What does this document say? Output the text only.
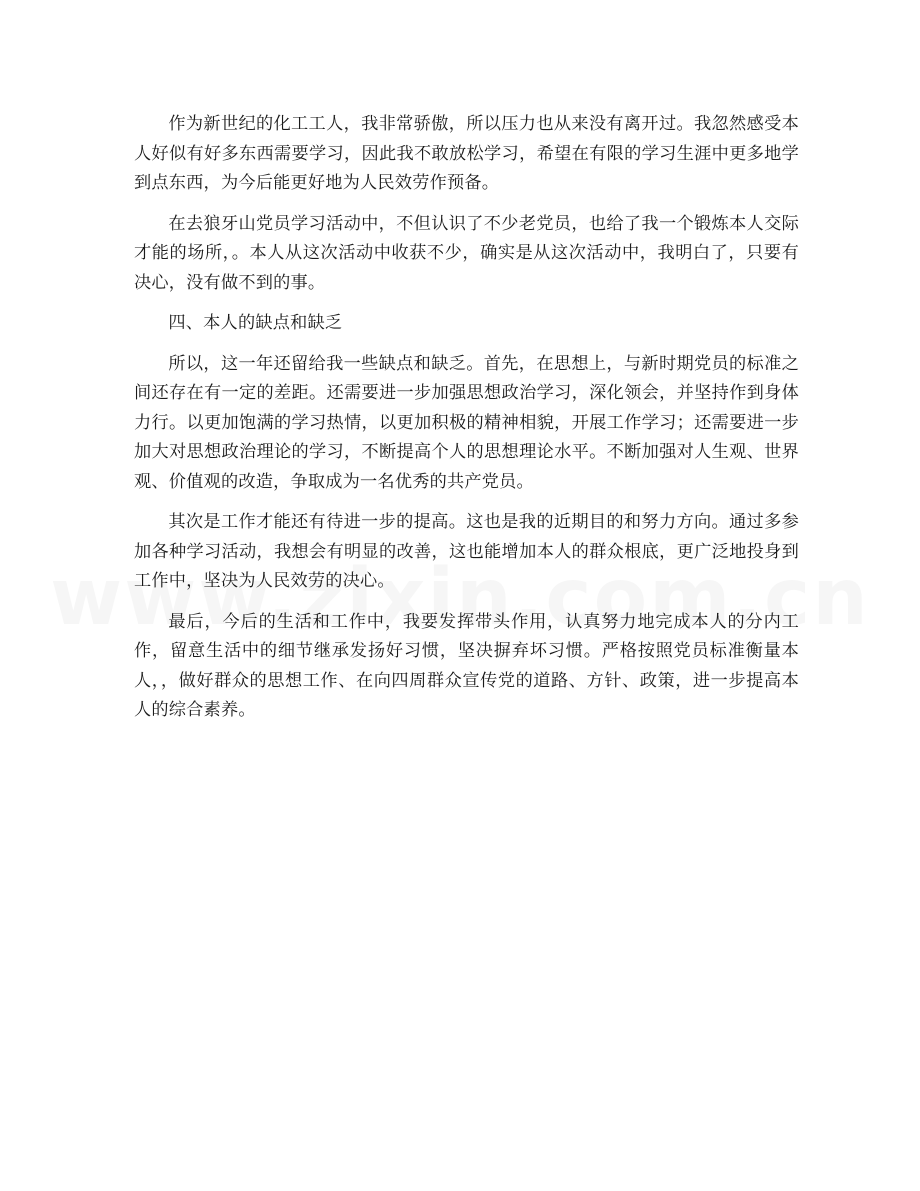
作为新世纪的化工工人，我非常骄傲，所以压力也从来没有离开过。我忽然感受本人好似有好多东西需要学习，因此我不敢放松学习，希望在有限的学习生涯中更多地学到点东西，为今后能更好地为人民效劳作预备。

在去狼牙山党员学习活动中，不但认识了不少老党员，也给了我一个锻炼本人交际才能的场所，。本人从这次活动中收获不少，确实是从这次活动中，我明白了，只要有决心，没有做不到的事。

四、本人的缺点和缺乏

所以，这一年还留给我一些缺点和缺乏。首先，在思想上，与新时期党员的标准之间还存在有一定的差距。还需要进一步加强思想政治学习，深化领会，并坚持作到身体力行。以更加饱满的学习热情，以更加积极的精神相貌，开展工作学习；还需要进一步加大对思想政治理论的学习，不断提高个人的思想理论水平。不断加强对人生观、世界观、价值观的改造，争取成为一名优秀的共产党员。

其次是工作才能还有待进一步的提高。这也是我的近期目的和努力方向。通过多参加各种学习活动，我想会有明显的改善，这也能增加本人的群众根底，更广泛地投身到工作中，坚决为人民效劳的决心。

最后，今后的生活和工作中，我要发挥带头作用，认真努力地完成本人的分内工作，留意生活中的细节继承发扬好习惯，坚决摒弃坏习惯。严格按照党员标准衡量本人，，做好群众的思想工作、在向四周群众宣传党的道路、方针、政策，进一步提高本人的综合素养。
